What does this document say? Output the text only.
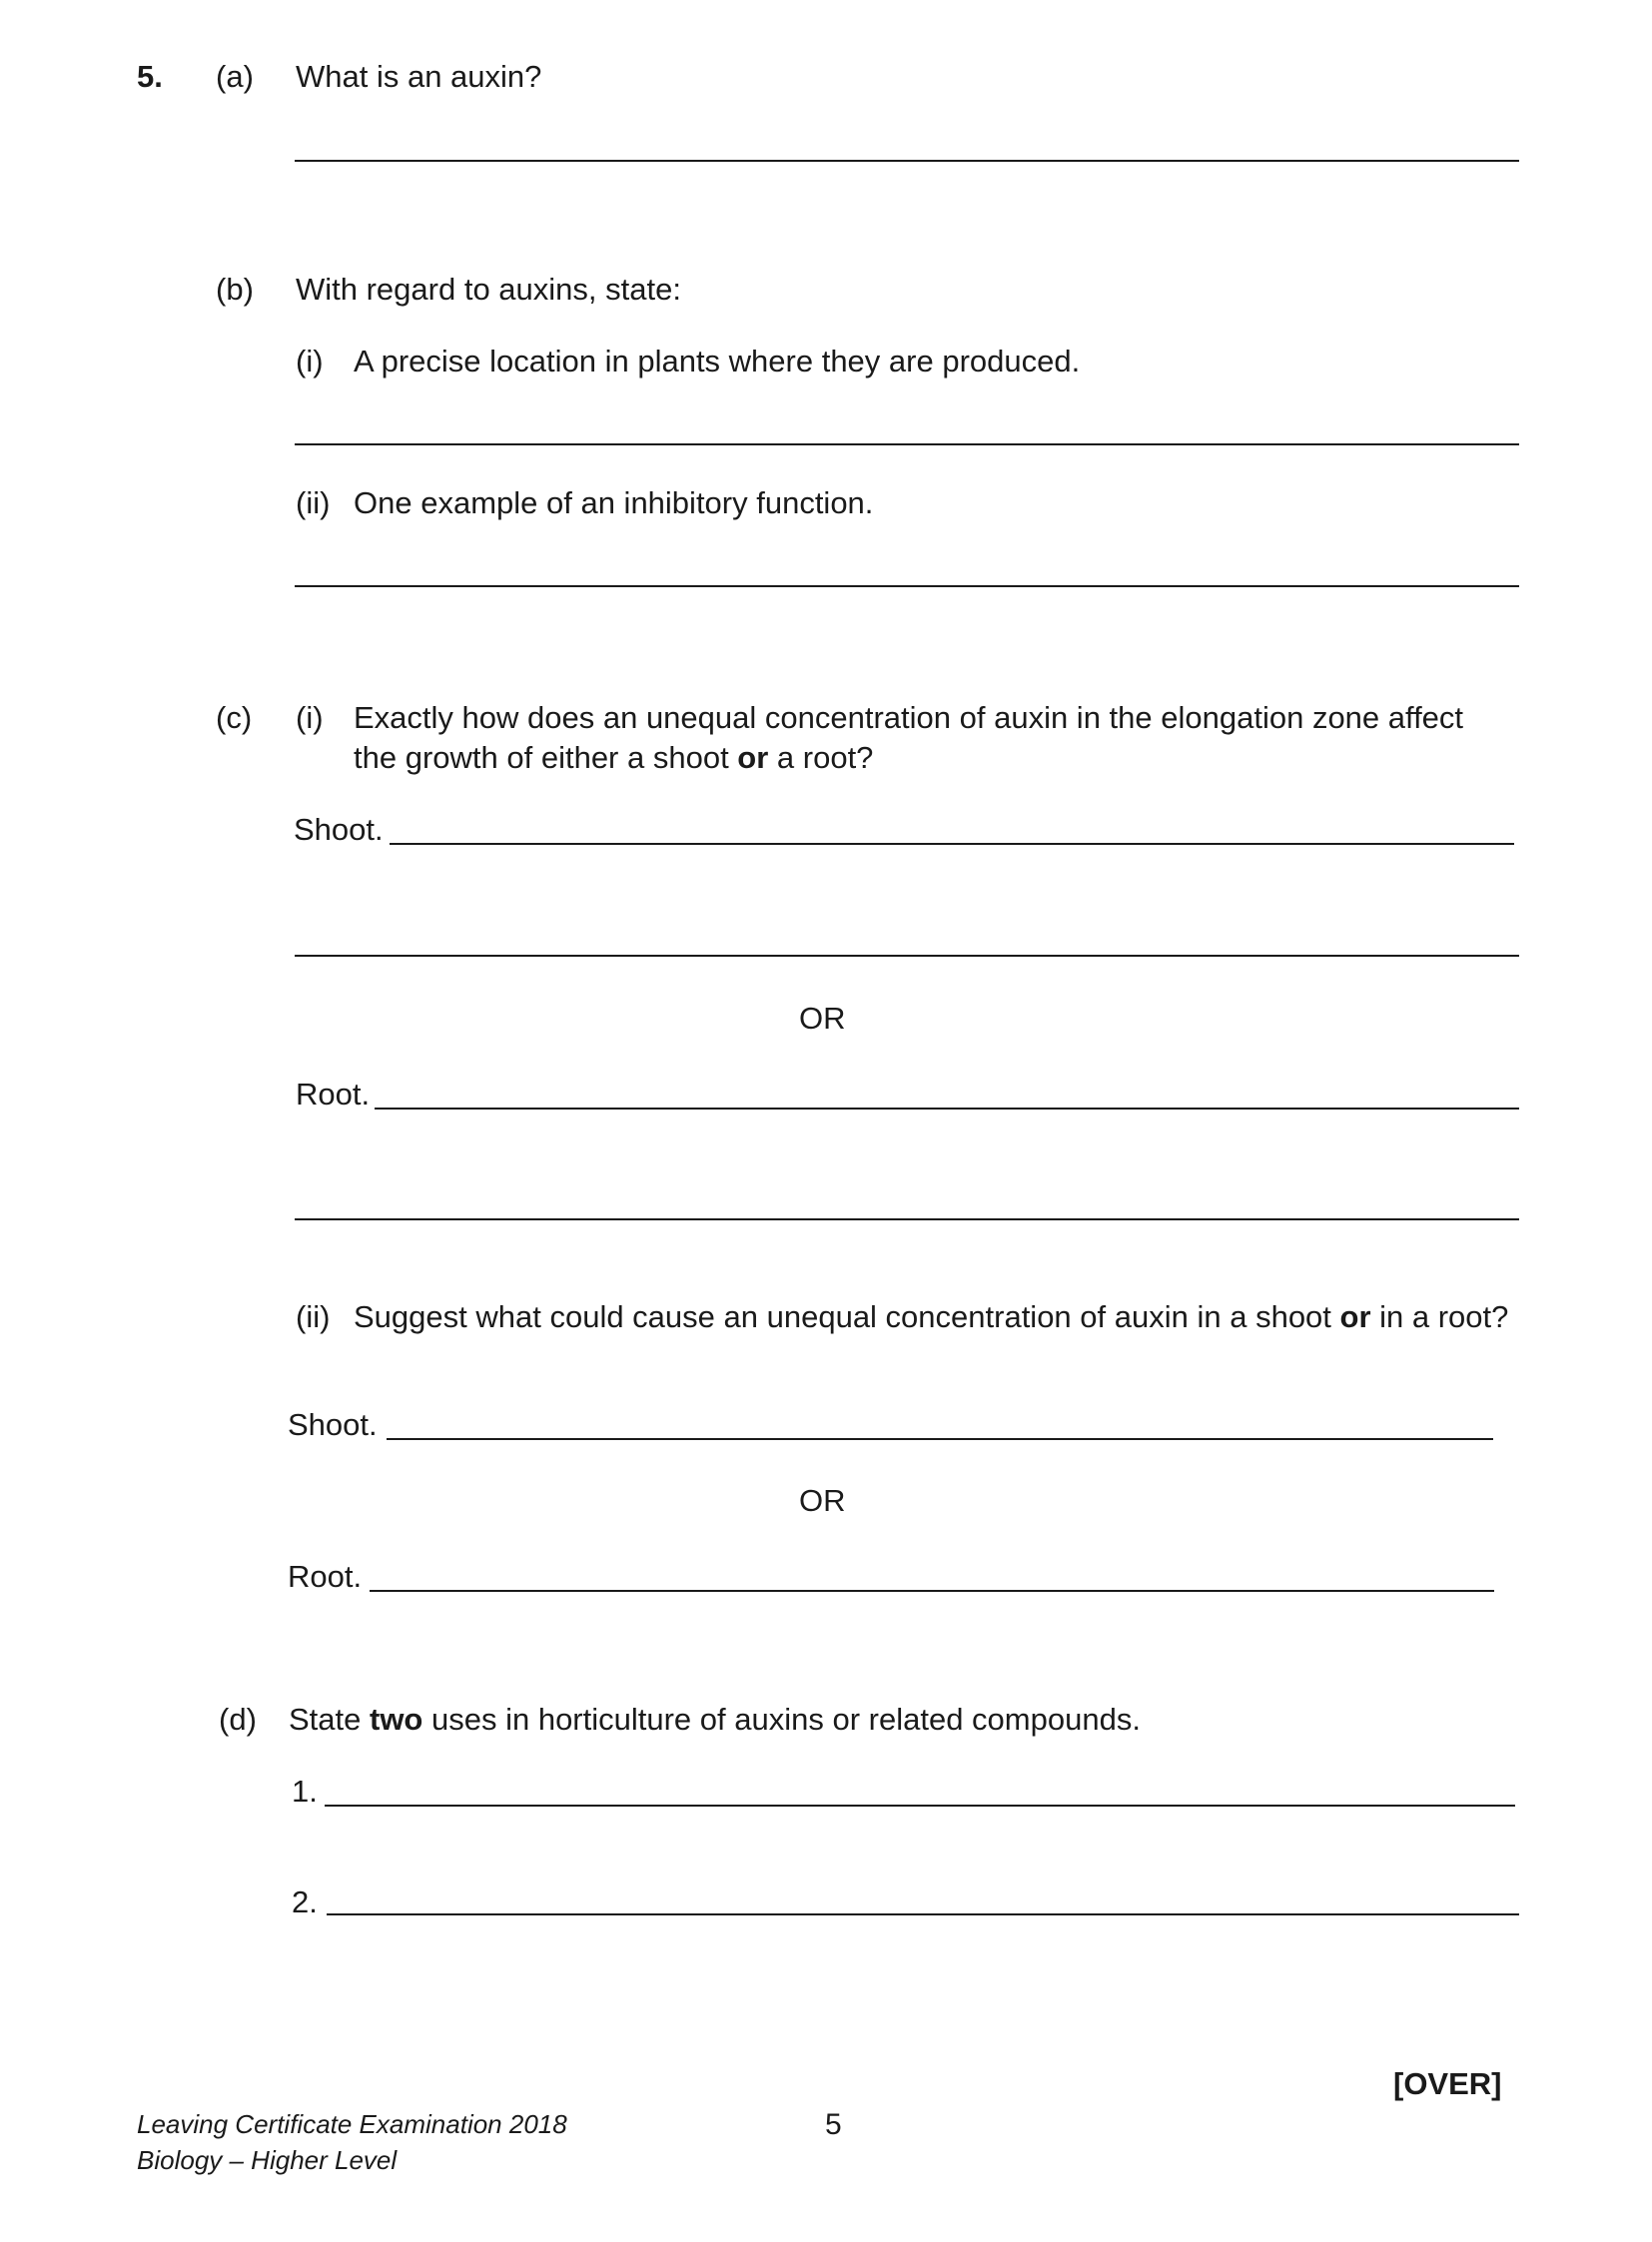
5. (a) What is an auxin?
(b) With regard to auxins, state:
(i) A precise location in plants where they are produced.
(ii) One example of an inhibitory function.
(c) (i) Exactly how does an unequal concentration of auxin in the elongation zone affect
the growth of either a shoot or a root?
Shoot.
OR
Root.
(ii) Suggest what could cause an unequal concentration of auxin in a shoot or in a root?
Shoot.
OR
Root.
(d) State two uses in horticulture of auxins or related compounds.
1.
2.
[OVER]
Leaving Certificate Examination 2018
Biology – Higher Level
5
